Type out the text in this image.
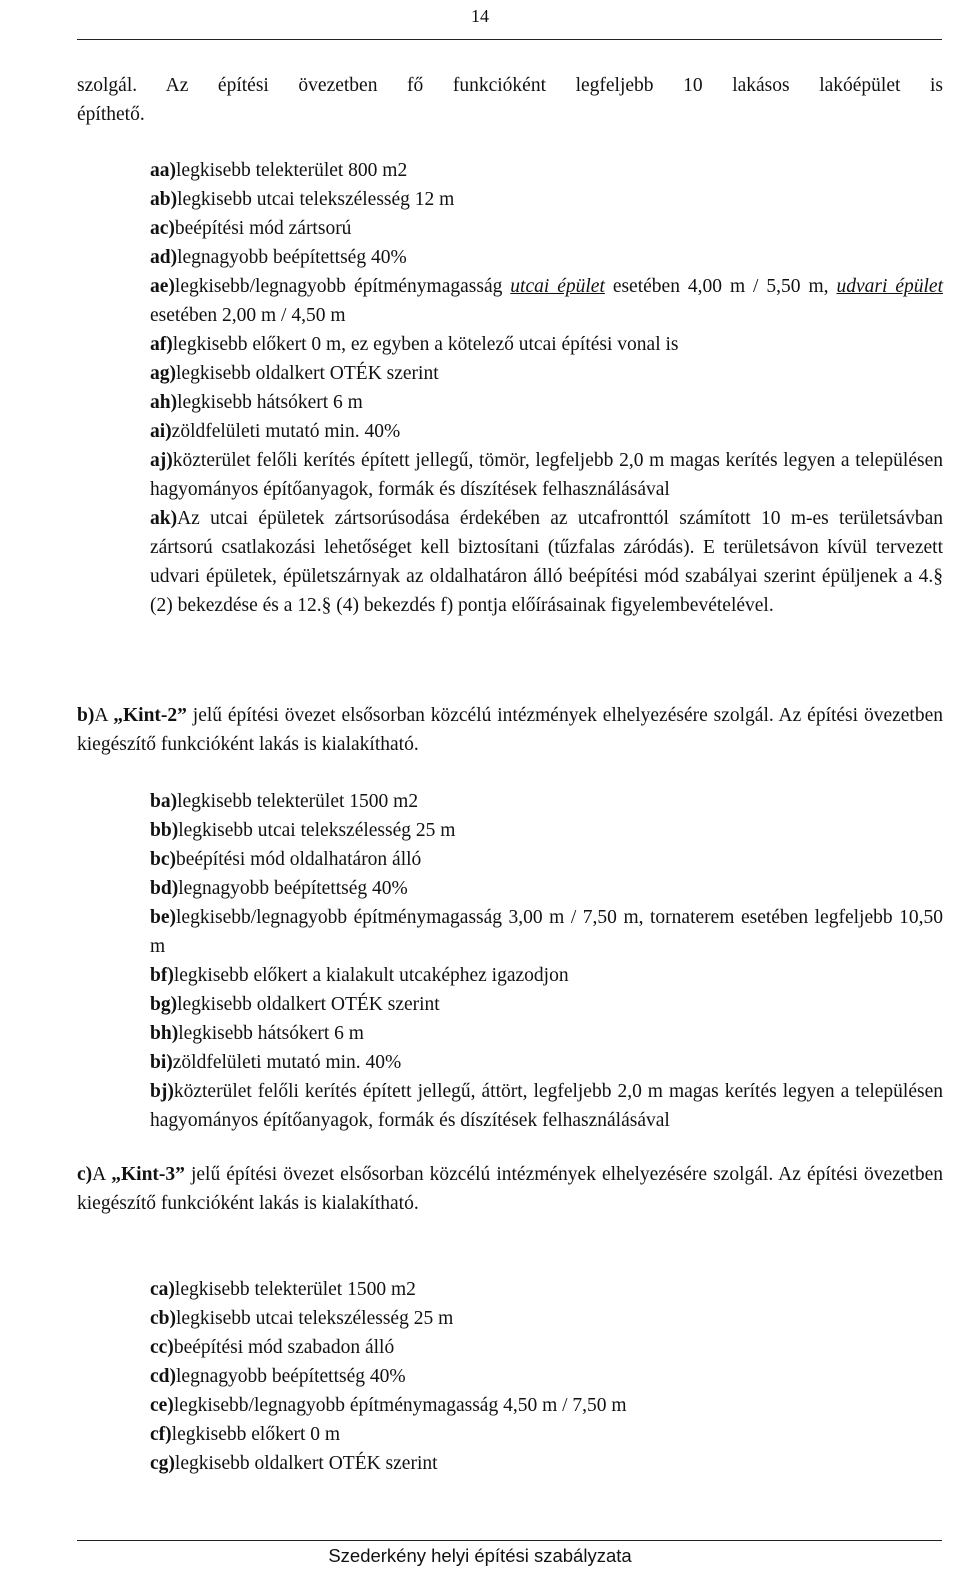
14
szolgál. Az építési övezetben fő funkcióként legfeljebb 10 lakásos lakóépület is
építhető.
aa)legkisebb telekterület 800 m2
ab)legkisebb utcai telekszélesség 12 m
ac)beépítési mód zártsorú
ad)legnagyobb beépítettség 40%
ae)legkisebb/legnagyobb építménymagasság utcai épület esetében 4,00 m / 5,50 m, udvari épület esetében 2,00 m / 4,50 m
af)legkisebb előkert 0 m, ez egyben a kötelező utcai építési vonal is
ag)legkisebb oldalkert OTÉK szerint
ah)legkisebb hátsókert 6 m
ai)zöldfelületi mutató min. 40%
aj)közterület felőli kerítés épített jellegű, tömör, legfeljebb 2,0 m magas kerítés legyen a településen hagyományos építőanyagok, formák és díszítések felhasználásával
ak)Az utcai épületek zártsorúsodása érdekében az utcafronttól számított 10 m-es területsávban zártsorú csatlakozási lehetőséget kell biztosítani (tűzfalas záródás). E területsávon kívül tervezett udvari épületek, épületszárnyak az oldalhatáron álló beépítési mód szabályai szerint épüljenek a 4.§ (2) bekezdése és a 12.§ (4) bekezdés f) pontja előírásainak figyelembevételével.
b)A „Kint-2” jelű építési övezet elsősorban közcélú intézmények elhelyezésére szolgál. Az építési övezetben kiegészítő funkcióként lakás is kialakítható.
ba)legkisebb telekterület 1500 m2
bb)legkisebb utcai telekszélesség 25 m
bc)beépítési mód oldalhatáron álló
bd)legnagyobb beépítettség 40%
be)legkisebb/legnagyobb építménymagasság 3,00 m / 7,50 m, tornaterem esetében legfeljebb 10,50 m
bf)legkisebb előkert a kialakult utcaképhez igazodjon
bg)legkisebb oldalkert OTÉK szerint
bh)legkisebb hátsókert 6 m
bi)zöldfelületi mutató min. 40%
bj)közterület felőli kerítés épített jellegű, áttört, legfeljebb 2,0 m magas kerítés legyen a településen hagyományos építőanyagok, formák és díszítések felhasználásával
c)A „Kint-3” jelű építési övezet elsősorban közcélú intézmények elhelyezésére szolgál. Az építési övezetben kiegészítő funkcióként lakás is kialakítható.
ca)legkisebb telekterület 1500 m2
cb)legkisebb utcai telekszélesség 25 m
cc)beépítési mód szabadon álló
cd)legnagyobb beépítettség 40%
ce)legkisebb/legnagyobb építménymagasság 4,50 m / 7,50 m
cf)legkisebb előkert 0 m
cg)legkisebb oldalkert OTÉK szerint
Szederkény helyi építési szabályzata
